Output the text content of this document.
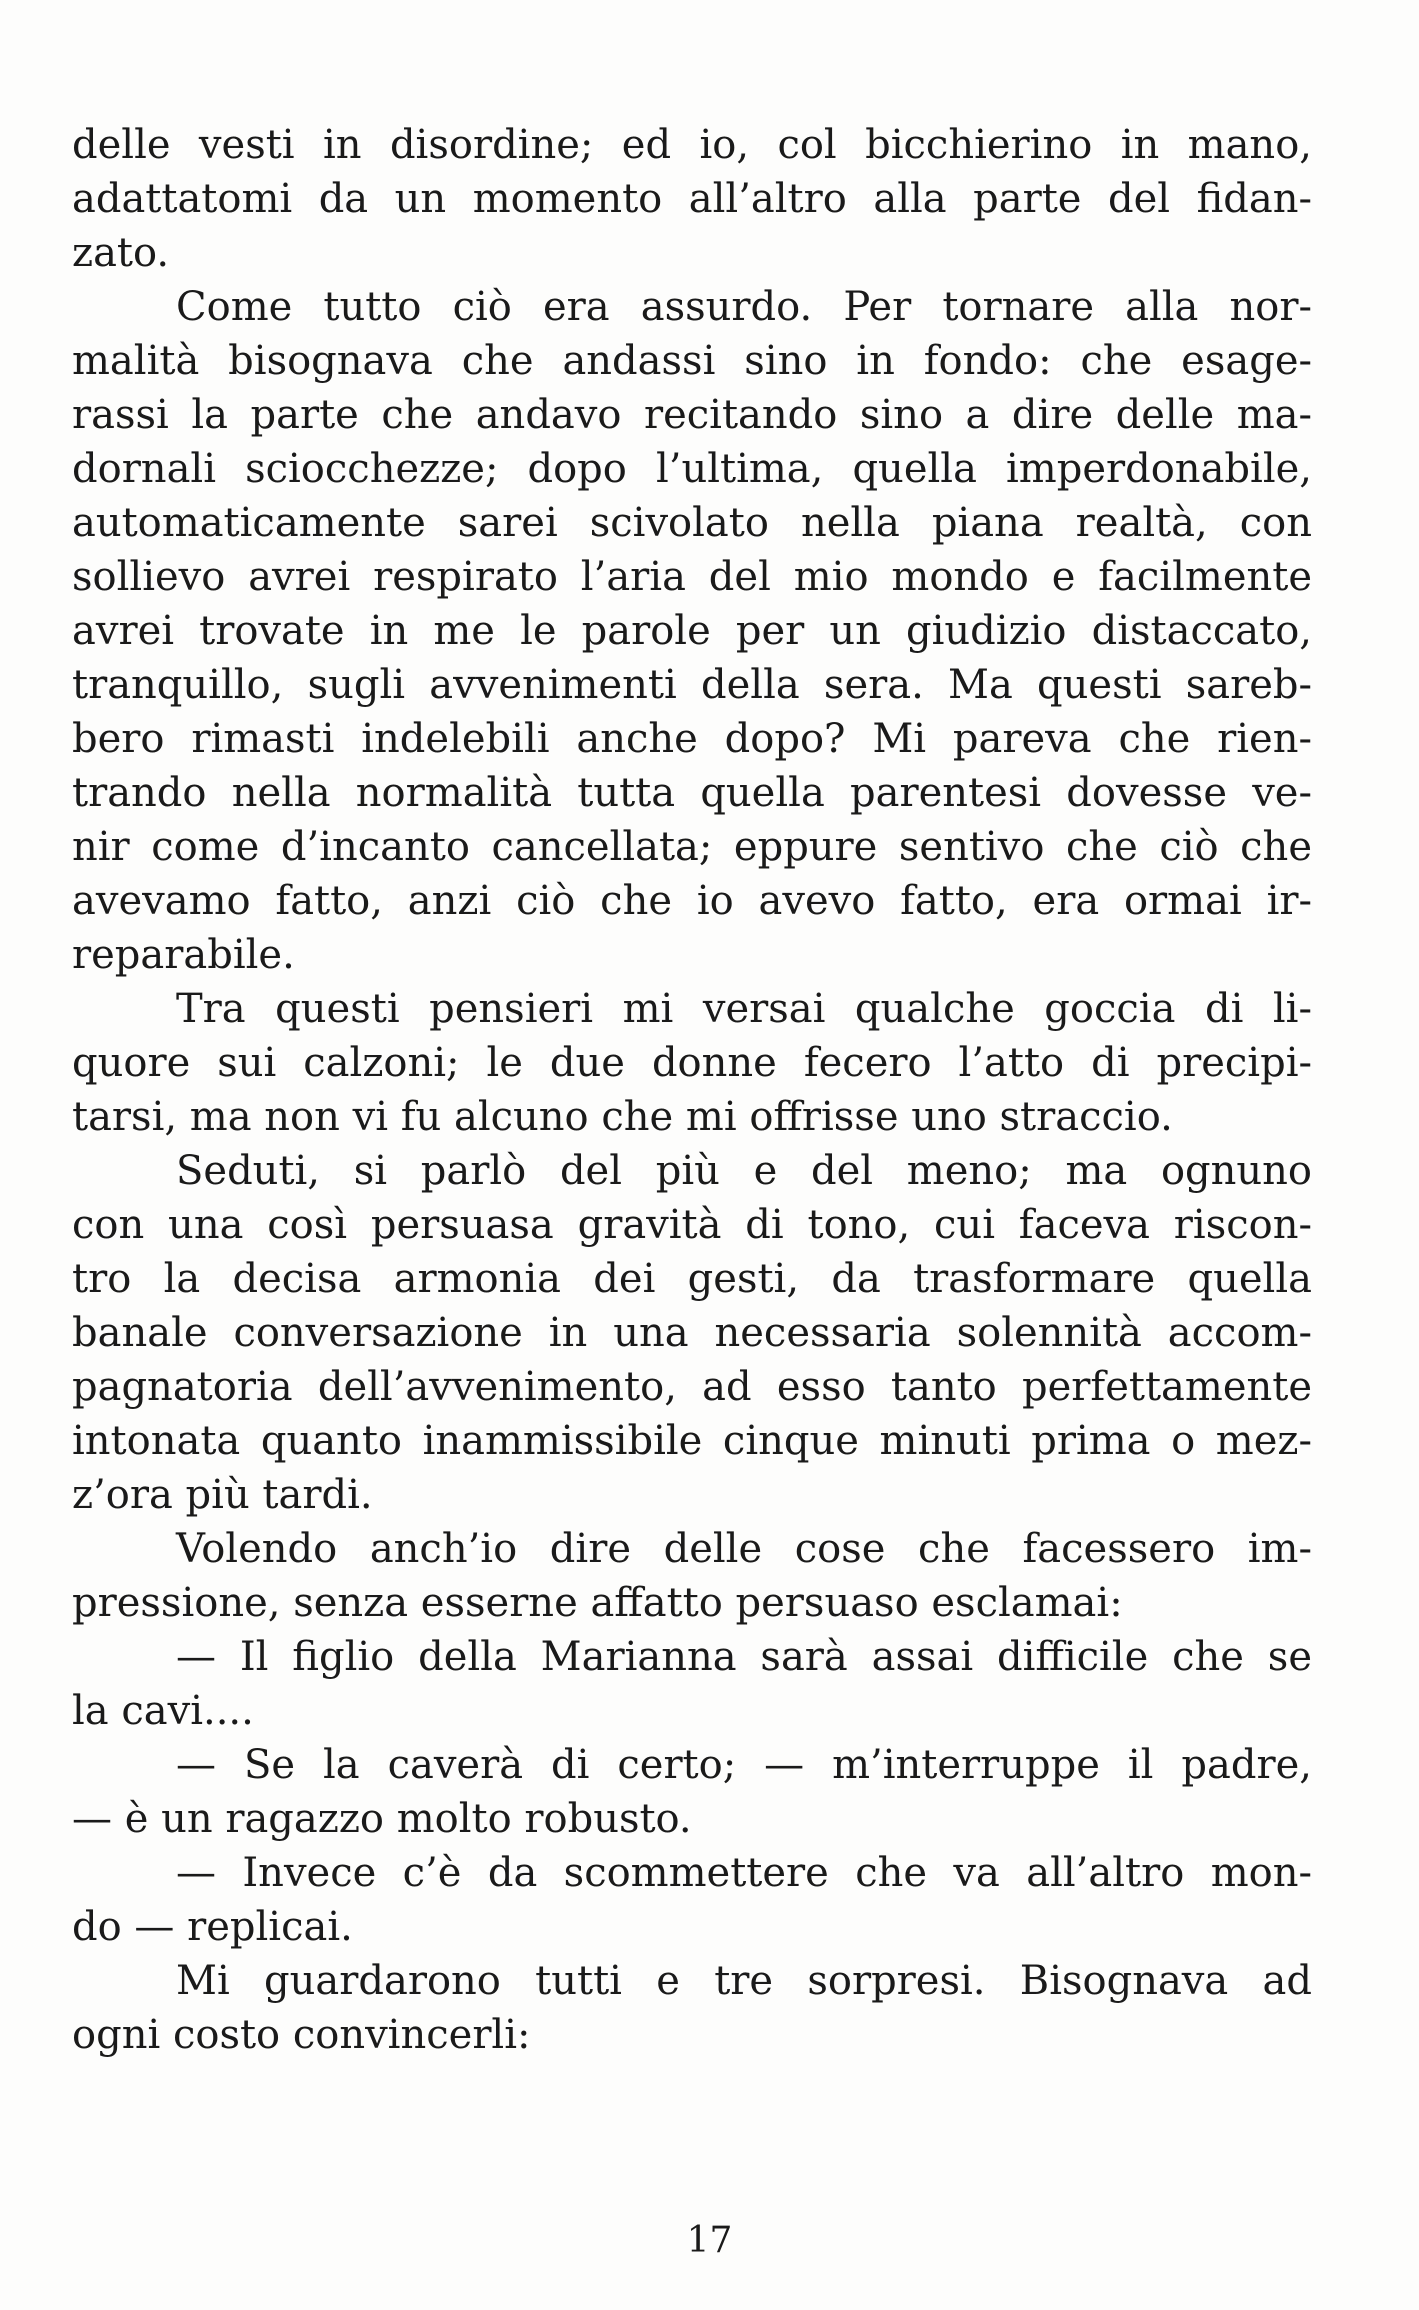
delle vesti in disordine; ed io, col bicchierino in mano,
adattatomi da un momento all’altro alla parte del fidan-
zato.
Come tutto ciò era assurdo. Per tornare alla nor-
malità bisognava che andassi sino in fondo: che esage-
rassi la parte che andavo recitando sino a dire delle ma-
dornali sciocchezze; dopo l’ultima, quella imperdonabile,
automaticamente sarei scivolato nella piana realtà, con
sollievo avrei respirato l’aria del mio mondo e facilmente
avrei trovate in me le parole per un giudizio distaccato,
tranquillo, sugli avvenimenti della sera. Ma questi sareb-
bero rimasti indelebili anche dopo? Mi pareva che rien-
trando nella normalità tutta quella parentesi dovesse ve-
nir come d’incanto cancellata; eppure sentivo che ciò che
avevamo fatto, anzi ciò che io avevo fatto, era ormai ir-
reparabile.
Tra questi pensieri mi versai qualche goccia di li-
quore sui calzoni; le due donne fecero l’atto di precipi-
tarsi, ma non vi fu alcuno che mi offrisse uno straccio.
Seduti, si parlò del più e del meno; ma ognuno
con una così persuasa gravità di tono, cui faceva riscon-
tro la decisa armonia dei gesti, da trasformare quella
banale conversazione in una necessaria solennità accom-
pagnatoria dell’avvenimento, ad esso tanto perfettamente
intonata quanto inammissibile cinque minuti prima o mez-
z’ora più tardi.
Volendo anch’io dire delle cose che facessero im-
pressione, senza esserne affatto persuaso esclamai:
— Il figlio della Marianna sarà assai difficile che se
la cavi....
— Se la caverà di certo; — m’interruppe il padre,
— è un ragazzo molto robusto.
— Invece c’è da scommettere che va all’altro mon-
do — replicai.
Mi guardarono tutti e tre sorpresi. Bisognava ad
ogni costo convincerli:
17
